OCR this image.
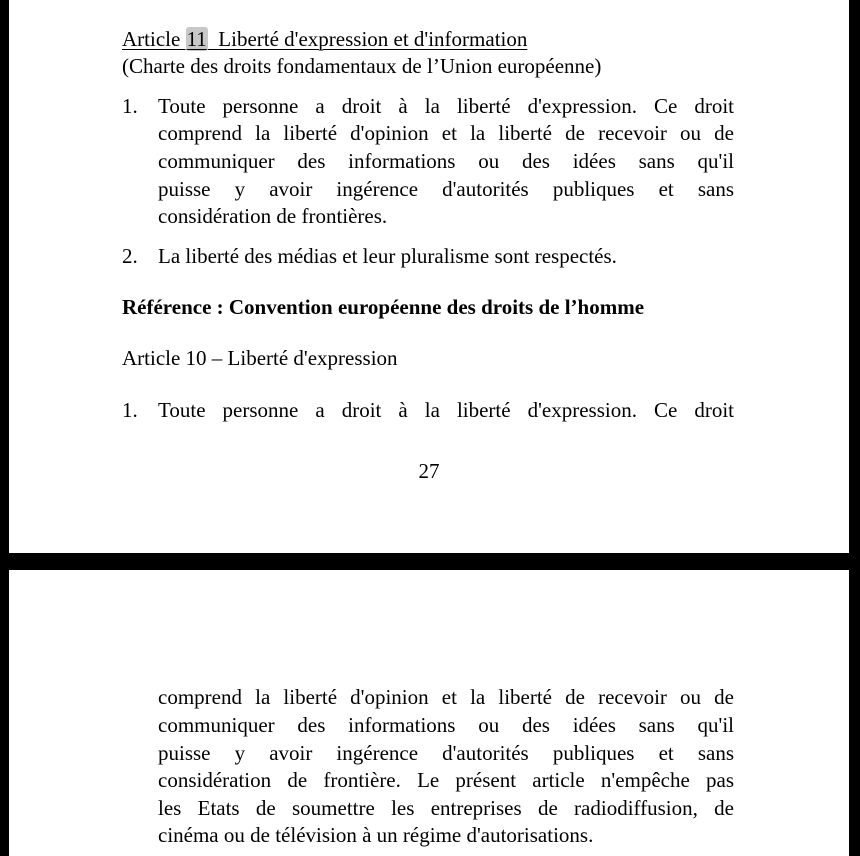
Article 11 Liberté d'expression et d'information
(Charte des droits fondamentaux de l’Union européenne)
1. Toute personne a droit à la liberté d'expression. Ce droit
comprend la liberté d'opinion et la liberté de recevoir ou de
communiquer des informations ou des idées sans qu'il
puisse y avoir ingérence d'autorités publiques et sans
considération de frontières.
2. La liberté des médias et leur pluralisme sont respectés.
Référence : Convention européenne des droits de l’homme
Article 10 – Liberté d'expression
1. Toute personne a droit à la liberté d'expression. Ce droit
27
comprend la liberté d'opinion et la liberté de recevoir ou de
communiquer des informations ou des idées sans qu'il
puisse y avoir ingérence d'autorités publiques et sans
considération de frontière. Le présent article n'empêche pas
les Etats de soumettre les entreprises de radiodiffusion, de
cinéma ou de télévision à un régime d'autorisations.
